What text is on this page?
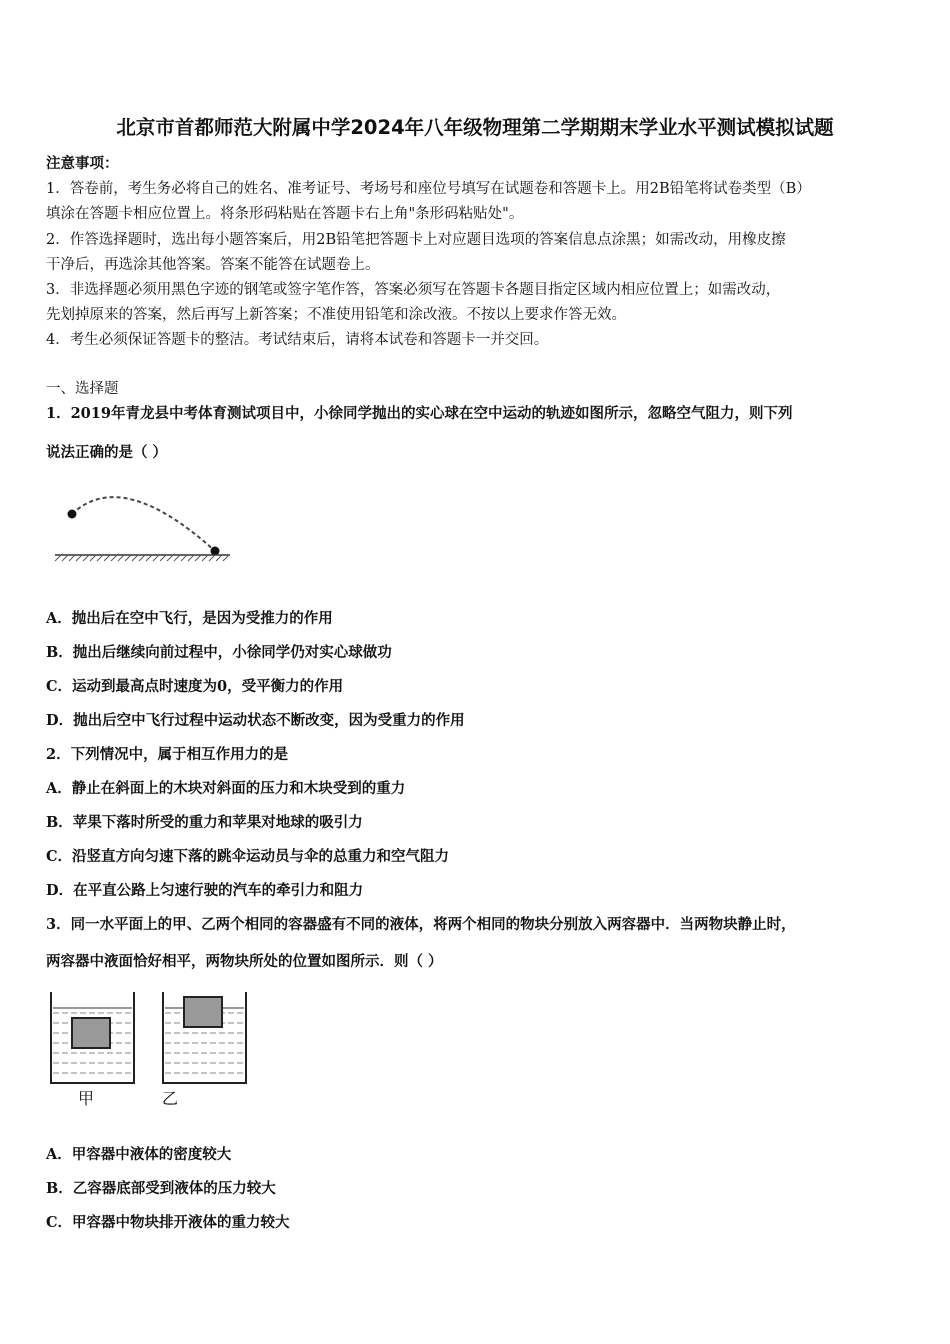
北京市首都师范大附属中学2024年八年级物理第二学期期末学业水平测试模拟试题
注意事项：
1．答卷前，考生务必将自己的姓名、准考证号、考场号和座位号填写在试题卷和答题卡上。用2B铅笔将试卷类型（B）
填涂在答题卡相应位置上。将条形码粘贴在答题卡右上角"条形码粘贴处"。
2．作答选择题时，选出每小题答案后，用2B铅笔把答题卡上对应题目选项的答案信息点涂黑；如需改动，用橡皮擦
干净后，再选涂其他答案。答案不能答在试题卷上。
3．非选择题必须用黑色字迹的钢笔或签字笔作答，答案必须写在答题卡各题目指定区域内相应位置上；如需改动，
先划掉原来的答案，然后再写上新答案；不准使用铅笔和涂改液。不按以上要求作答无效。
4．考生必须保证答题卡的整洁。考试结束后，请将本试卷和答题卡一并交回。
一、选择题
1．2019年青龙县中考体育测试项目中，小徐同学抛出的实心球在空中运动的轨迹如图所示，忽略空气阻力，则下列
说法正确的是（ ）
A．抛出后在空中飞行，是因为受推力的作用
B．抛出后继续向前过程中，小徐同学仍对实心球做功
C．运动到最高点时速度为0，受平衡力的作用
D．抛出后空中飞行过程中运动状态不断改变，因为受重力的作用
2．下列情况中，属于相互作用力的是
A．静止在斜面上的木块对斜面的压力和木块受到的重力
B．苹果下落时所受的重力和苹果对地球的吸引力
C．沿竖直方向匀速下落的跳伞运动员与伞的总重力和空气阻力
D．在平直公路上匀速行驶的汽车的牵引力和阻力
3．同一水平面上的甲、乙两个相同的容器盛有不同的液体，将两个相同的物块分别放入两容器中．当两物块静止时，
两容器中液面恰好相平，两物块所处的位置如图所示．则（ ）
甲	乙
A．甲容器中液体的密度较大
B．乙容器底部受到液体的压力较大
C．甲容器中物块排开液体的重力较大
